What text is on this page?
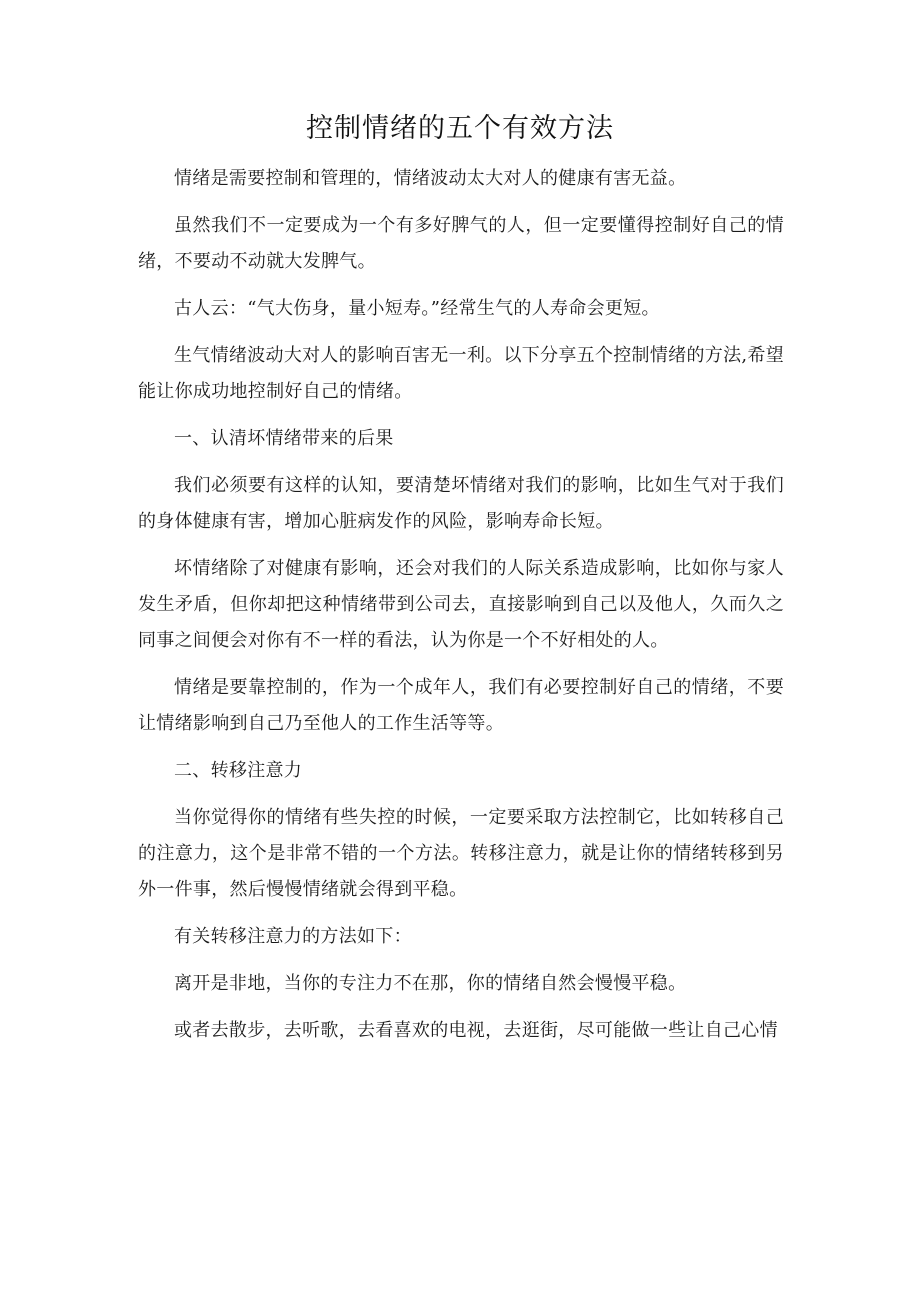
控制情绪的五个有效方法

情绪是需要控制和管理的，情绪波动太大对人的健康有害无益。

虽然我们不一定要成为一个有多好脾气的人，但一定要懂得控制好自己的情绪，不要动不动就大发脾气。

古人云：“气大伤身，量小短寿。”经常生气的人寿命会更短。

生气情绪波动大对人的影响百害无一利。以下分享五个控制情绪的方法,希望能让你成功地控制好自己的情绪。

一、认清坏情绪带来的后果

我们必须要有这样的认知，要清楚坏情绪对我们的影响，比如生气对于我们的身体健康有害，增加心脏病发作的风险，影响寿命长短。

坏情绪除了对健康有影响，还会对我们的人际关系造成影响，比如你与家人发生矛盾，但你却把这种情绪带到公司去，直接影响到自己以及他人，久而久之同事之间便会对你有不一样的看法，认为你是一个不好相处的人。

情绪是要靠控制的，作为一个成年人，我们有必要控制好自己的情绪，不要让情绪影响到自己乃至他人的工作生活等等。

二、转移注意力

当你觉得你的情绪有些失控的时候，一定要采取方法控制它，比如转移自己的注意力，这个是非常不错的一个方法。转移注意力，就是让你的情绪转移到另外一件事，然后慢慢情绪就会得到平稳。

有关转移注意力的方法如下：

离开是非地，当你的专注力不在那，你的情绪自然会慢慢平稳。

或者去散步，去听歌，去看喜欢的电视，去逛街，尽可能做一些让自己心情
